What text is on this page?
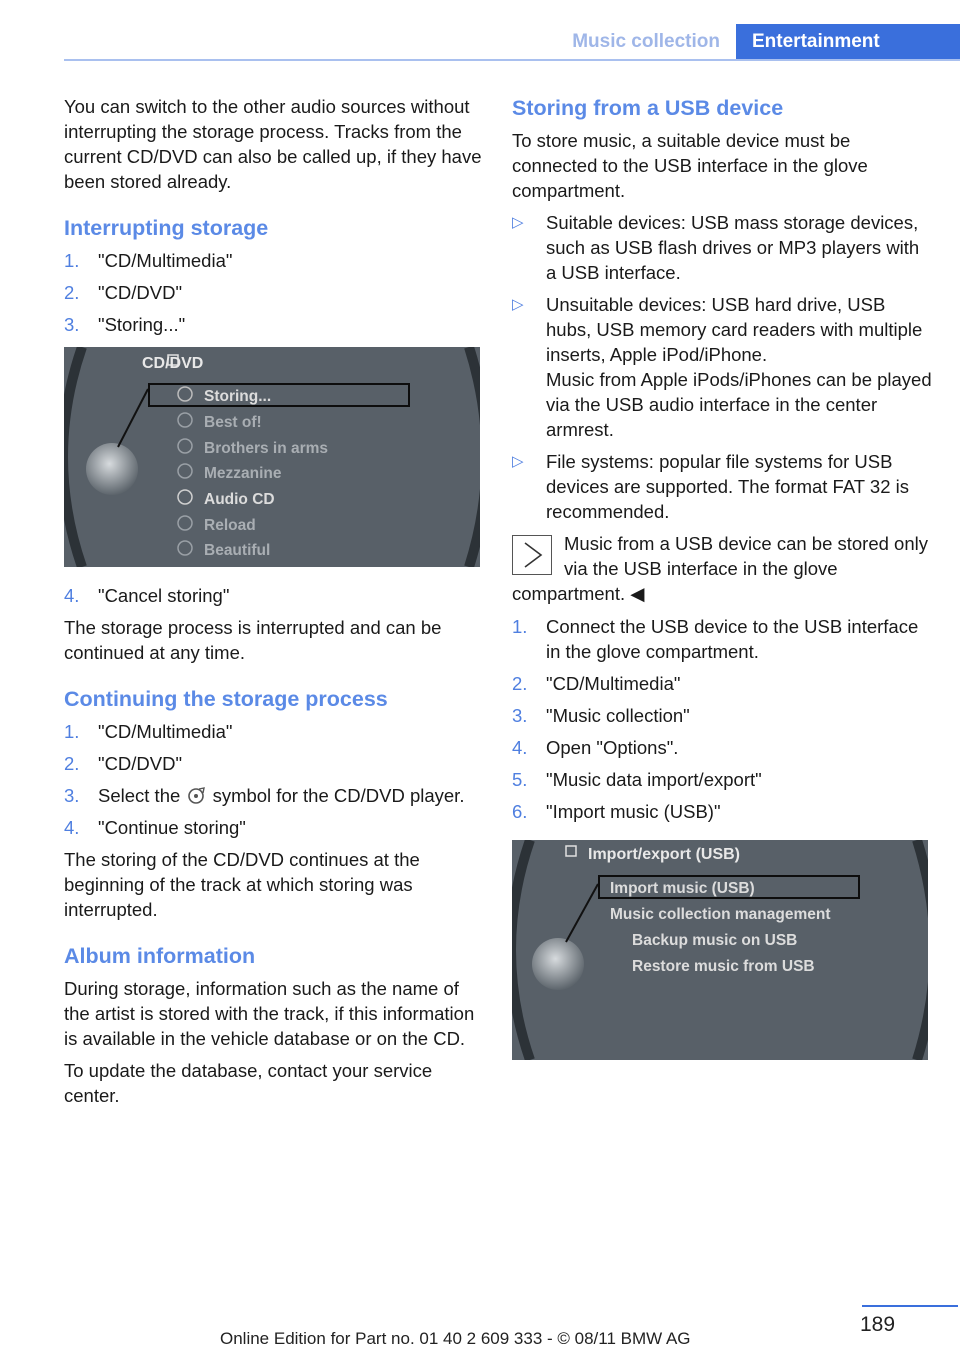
Music collection	Entertainment

You can switch to the other audio sources without interrupting the storage process. Tracks from the current CD/DVD can also be called up, if they have been stored already.

Interrupting storage
1. "CD/Multimedia"
2. "CD/DVD"
3. "Storing..."
CD/DVD
Storing...
Best of!
Brothers in arms
Mezzanine
Audio CD
Reload
Beautiful
4. "Cancel storing"

The storage process is interrupted and can be continued at any time.

Continuing the storage process
1. "CD/Multimedia"
2. "CD/DVD"
3. Select the symbol for the CD/DVD player.
4. "Continue storing"

The storing of the CD/DVD continues at the beginning of the track at which storing was interrupted.

Album information

During storage, information such as the name of the artist is stored with the track, if this information is available in the vehicle database or on the CD.

To update the database, contact your service center.

Storing from a USB device

To store music, a suitable device must be connected to the USB interface in the glove compartment.

▷ Suitable devices: USB mass storage devices, such as USB flash drives or MP3 players with a USB interface.
▷ Unsuitable devices: USB hard drive, USB hubs, USB memory card readers with multiple inserts, Apple iPod/iPhone.
Music from Apple iPods/iPhones can be played via the USB audio interface in the center armrest.
▷ File systems: popular file systems for USB devices are supported. The format FAT 32 is recommended.
Music from a USB device can be stored only via the USB interface in the glove compartment. ◀
1. Connect the USB device to the USB interface in the glove compartment.
2. "CD/Multimedia"
3. "Music collection"
4. Open "Options".
5. "Music data import/export"
6. "Import music (USB)"
Import/export (USB)
Import music (USB)
Music collection management
Backup music on USB
Restore music from USB
189
Online Edition for Part no. 01 40 2 609 333 - © 08/11 BMW AG
